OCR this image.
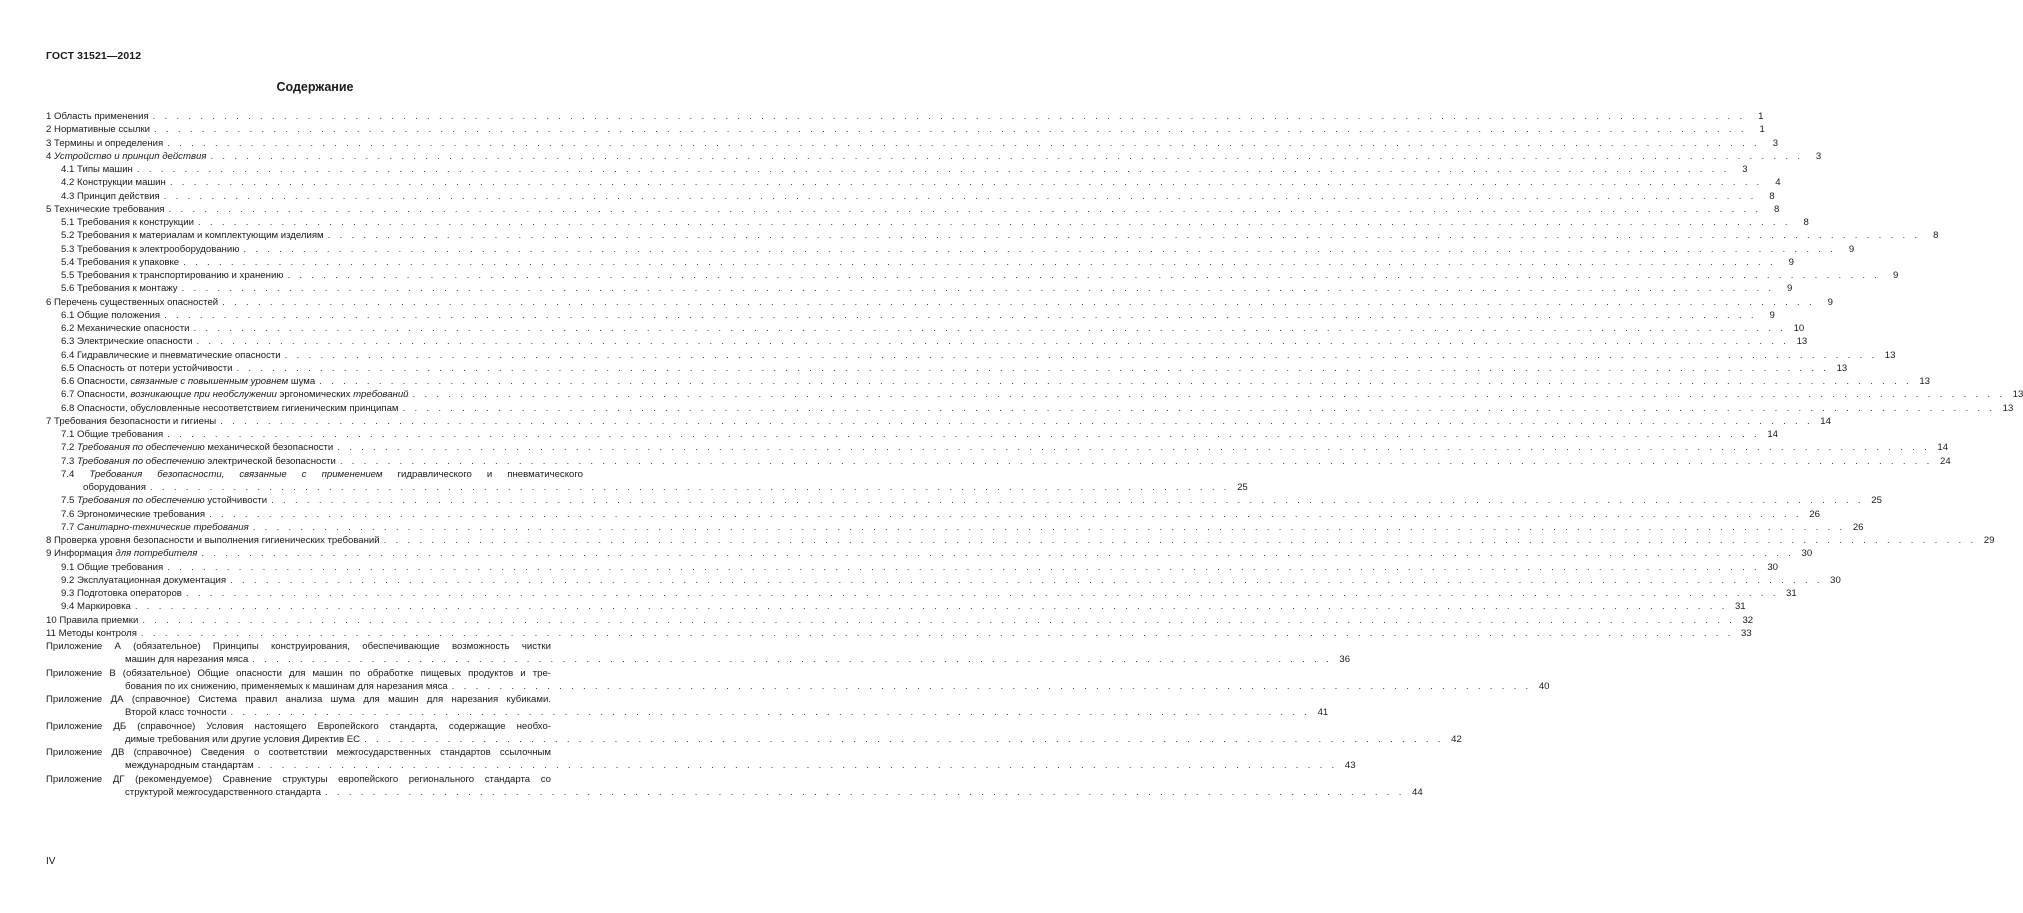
ГОСТ 31521—2012
Содержание
1 Область применения . . .	1
2 Нормативные ссылки . . .	1
3 Термины и определения . . .	3
4 Устройство и принцип действия . . .	3
4.1 Типы машин . . .	3
4.2 Конструкции машин . . .	4
4.3 Принцип действия . . .	8
5 Технические требования . . .	8
5.1 Требования к конструкции . . .	8
5.2 Требования к материалам и комплектующим изделиям . . .	8
5.3 Требования к электрооборудованию . . .	9
5.4 Требования к упаковке . . .	9
5.5 Требования к транспортированию и хранению . . .	9
5.6 Требования к монтажу . . .	9
6 Перечень существенных опасностей . . .	9
6.1 Общие положения . . .	9
6.2 Механические опасности . . .	10
6.3 Электрические опасности . . .	13
6.4 Гидравлические и пневматические опасности . . .	13
6.5 Опасность от потери устойчивости . . .	13
6.6 Опасности, связанные с повышенным уровнем шума . . .	13
6.7 Опасности, возникающие при необслужении эргономических требований . . .	13
6.8 Опасности, обусловленные несоответствием гигиеническим принципам . . .	13
7 Требования безопасности и гигиены . . .	14
7.1 Общие требования . . .	14
7.2 Требования по обеспечению механической безопасности . . .	14
7.3 Требования по обеспечению электрической безопасности . . .	24
7.4 Требования безопасности, связанные с применением гидравлического и пневматического
оборудования . . .	25
7.5 Требования по обеспечению устойчивости . . .	25
7.6 Эргономические требования . . .	26
7.7 Санитарно-технические требования . . .	26
8 Проверка уровня безопасности и выполнения гигиенических требований . . .	29
9 Информация для потребителя . . .	30
9.1 Общие требования . . .	30
9.2 Эксплуатационная документация . . .	30
9.3 Подготовка операторов . . .	31
9.4 Маркировка . . .	31
10 Правила приемки . . .	32
11 Методы контроля . . .	33
Приложение А (обязательное) Принципы конструирования, обеспечивающие возможность чистки
машин для нарезания мяса . . .	36
Приложение В (обязательное) Общие опасности для машин по обработке пищевых продуктов и тре-
бования по их снижению, применяемых к машинам для нарезания мяса . . .	40
Приложение ДА (справочное) Система правил анализа шума для машин для нарезания кубиками.
Второй класс точности . . .	41
Приложение ДБ (справочное) Условия настоящего Европейского стандарта, содержащие необхо-
димые требования или другие условия Директив ЕС . . .	42
Приложение ДВ (справочное) Сведения о соответствии межгосударственных стандартов ссылочным
международным стандартам . . .	43
Приложение ДГ (рекомендуемое) Сравнение структуры европейского регионального стандарта со
структурой межгосударственного стандарта . . .	44
IV
